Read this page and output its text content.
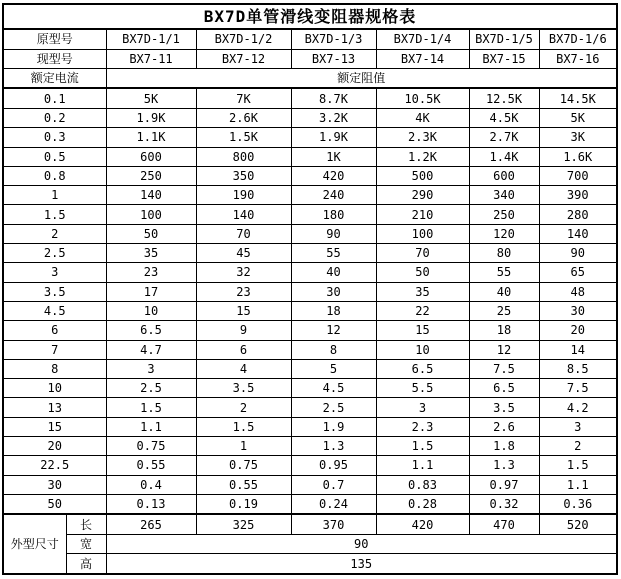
BX7D单管滑线变阻器规格表							
原型号		BX7D-1/1	BX7D-1/2	BX7D-1/3	BX7D-1/4	BX7D-1/5	BX7D-1/6
现型号		BX7-11	BX7-12	BX7-13	BX7-14	BX7-15	BX7-16
额定电流		额定阻值					
0.1		5K	7K	8.7K	10.5K	12.5K	14.5K
0.2		1.9K	2.6K	3.2K	4K	4.5K	5K
0.3		1.1K	1.5K	1.9K	2.3K	2.7K	3K
0.5		600	800	1K	1.2K	1.4K	1.6K
0.8		250	350	420	500	600	700
1		140	190	240	290	340	390
1.5		100	140	180	210	250	280
2		50	70	90	100	120	140
2.5		35	45	55	70	80	90
3		23	32	40	50	55	65
3.5		17	23	30	35	40	48
4.5		10	15	18	22	25	30
6		6.5	9	12	15	18	20
7		4.7	6	8	10	12	14
8		3	4	5	6.5	7.5	8.5
10		2.5	3.5	4.5	5.5	6.5	7.5
13		1.5	2	2.5	3	3.5	4.2
15		1.1	1.5	1.9	2.3	2.6	3
20		0.75	1	1.3	1.5	1.8	2
22.5		0.55	0.75	0.95	1.1	1.3	1.5
30		0.4	0.55	0.7	0.83	0.97	1.1
50		0.13	0.19	0.24	0.28	0.32	0.36
外型尺寸	长	265	325	370	420	470	520
	宽	90					
	高	135					
